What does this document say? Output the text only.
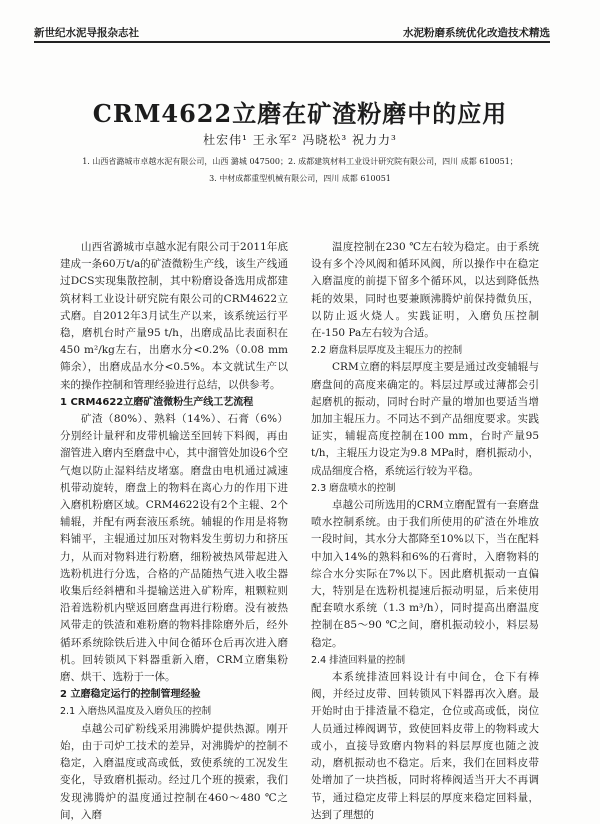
新世纪水泥导报杂志社	水泥粉磨系统优化改造技术精选
CRM4622立磨在矿渣粉磨中的应用
杜宏伟¹ 王永军² 冯晓松³ 祝力力³
1. 山西省潞城市卓越水泥有限公司，山西 潞城 047500；2. 成都建筑材料工业设计研究院有限公司，四川 成都 610051；
3. 中材成都重型机械有限公司，四川 成都 610051

山西省潞城市卓越水泥有限公司于2011年底建成一条60万t/a的矿渣微粉生产线，该生产线通过DCS实现集散控制，其中粉磨设备选用成都建筑材料工业设计研究院有限公司的CRM4622立式磨。自2012年3月试生产以来，该系统运行平稳，磨机台时产量95 t/h，出磨成品比表面积在450 m²/kg左右，出磨水分<0.2%（0.08 mm筛余），出磨成品水分<0.5%。本文就试生产以来的操作控制和管理经验进行总结，以供参考。

1 CRM4622立磨矿渣微粉生产线工艺流程

矿渣（80%）、熟料（14%）、石膏（6%）分别经计量秤和皮带机输送至回转下料阀，再由溜管进入磨内至磨盘中心，其中溜管处加设6个空气炮以防止湿料结皮堵塞。磨盘由电机通过减速机带动旋转，磨盘上的物料在离心力的作用下进入磨机粉磨区域。CRM4622设有2个主辊、2个辅辊，并配有两套液压系统。辅辊的作用是将物料铺平，主辊通过加压对物料发生剪切力和挤压力，从而对物料进行粉磨，细粉被热风带起进入选粉机进行分选，合格的产品随热气进入收尘器收集后经斜槽和斗提输送进入矿粉库，粗颗粒则沿着选粉机内壁返回磨盘再进行粉磨。没有被热风带走的铁渣和难粉磨的物料排除磨外后，经外循环系统除铁后进入中间仓循环仓后再次进入磨机。回转锁风下料器重新入磨，CRM立磨集粉磨、烘干、选粉于一体。

2 立磨稳定运行的控制管理经验
2.1 入磨热风温度及入磨负压的控制

卓越公司矿粉线采用沸腾炉提供热源。刚开始，由于司炉工技术的差异，对沸腾炉的控制不稳定，入磨温度或高或低，致使系统的工况发生变化，导致磨机振动。经过几个班的摸索，我们发现沸腾炉的温度通过控制在460～480 ℃之间，入磨

温度控制在230 ℃左右较为稳定。由于系统设有多个冷风阀和循环风阀，所以操作中在稳定入磨温度的前提下留多个循环风，以达到降低热耗的效果，同时也要兼顾沸腾炉前保持微负压，以防止返火烧人。实践证明，入磨负压控制在-150 Pa左右较为合适。

2.2 磨盘料层厚度及主辊压力的控制

CRM立磨的料层厚度主要是通过改变辅辊与磨盘间的高度来确定的。料层过厚或过薄都会引起磨机的振动，同时台时产量的增加也要适当增加加主辊压力。不同达不到产品细度要求。实践证实，辅辊高度控制在100 mm，台时产量95 t/h，主辊压力设定为9.8 MPa时，磨机振动小，成品细度合格，系统运行较为平稳。

2.3 磨盘喷水的控制

卓越公司所选用的CRM立磨配置有一套磨盘喷水控制系统。由于我们所使用的矿渣在外堆放一段时间，其水分大都降至10%以下，当在配料中加入14%的熟料和6%的石膏时，入磨物料的综合水分实际在7%以下。因此磨机振动一直偏大，特别是在选粉机提速后振动明显，后来使用配套喷水系统（1.3 m³/h），同时提高出磨温度控制在85～90 ℃之间，磨机振动较小，料层易稳定。

2.4 排渣回料量的控制

本系统排渣回料设计有中间仓，仓下有棒阀，并经过皮带、回转锁风下料器再次入磨。最开始时由于排渣量不稳定，仓位或高或低，岗位人员通过棒阀调节，致使回料皮带上的物料或大或小，直接导致磨内物料的料层厚度也随之波动，磨机振动也不稳定。后来，我们在回料皮带处增加了一块挡板，同时将棒阀适当开大不再调节，通过稳定皮带上料层的厚度来稳定回料量，达到了理想的
